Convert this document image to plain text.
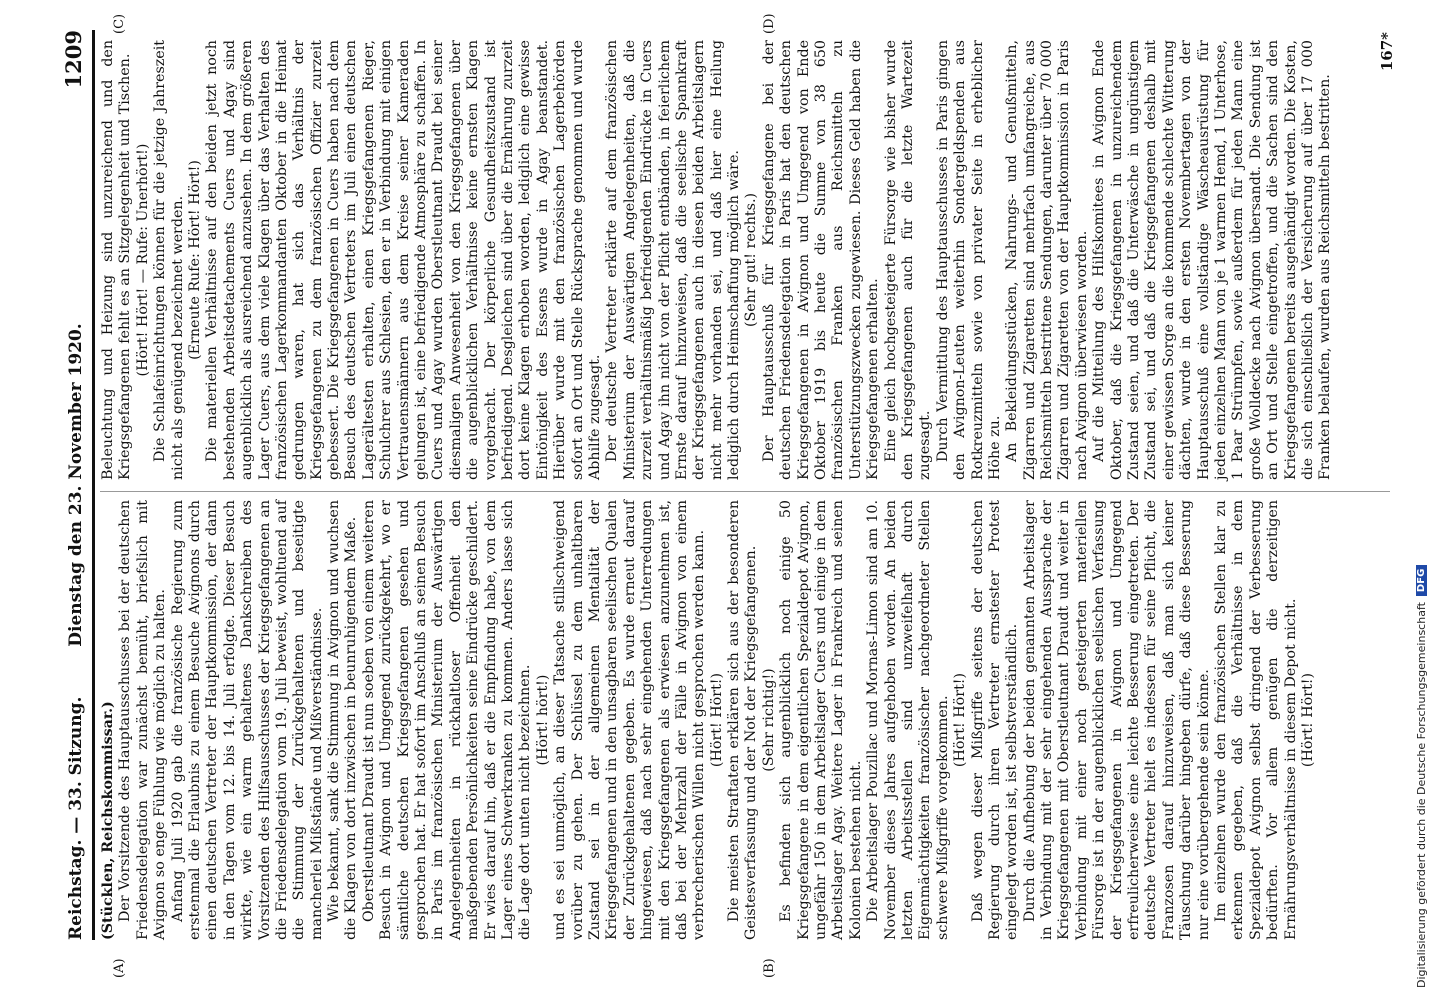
Reichstag. — 33. Sitzung.
Dienstag den 23. November 1920.
1209
(A)	(B)
(C)	(D)

(Stücklen, Reichskommissar.) Der Vorsitzende des Hauptausschusses bei der deutschen Friedensdelegation war zunächst bemüht, briefslich mit Avignon so enge Fühlung wie möglich zu halten. Anfang Juli 1920 gab die französische Regierung zum erstenmal die Erlaubnis zu einem Besuche Avignons durch einen deutschen Vertreter der Hauptkommission, der dann in den Tagen vom 12. bis 14. Juli erfolgte. Dieser Besuch wirkte, wie ein warm gehaltenes Dankschreiben des Vorsitzenden des Hilfsausschusses der Kriegsgefangenen an die Friedensdelegation vom 19. Juli beweist, wohltuend auf die Stimmung der Zurückgehaltenen und beseitigte mancherlei Mißstände und Mißverständnisse. Wie bekannt, sank die Stimmung in Avignon und wuchsen die Klagen von dort inzwischen in beunruhigendem Maße. Oberstleutnant Draudt ist nun soeben von einem weiteren Besuch in Avignon und Umgegend zurückgekehrt, wo er sämtliche deutschen Kriegsgefangenen gesehen und gesprochen hat. Er hat sofort im Anschluß an seinen Besuch in Paris im französischen Ministerium der Auswärtigen Angelegenheiten in rückhaltloser Offenheit den maßgebenden Persönlichkeiten seine Eindrücke geschildert. Er wies darauf hin, daß er die Empfindung habe, von dem Lager eines Schwerkranken zu kommen. Anders lasse sich die Lage dort unten nicht bezeichnen. (Hört! hört!) und es sei unmöglich, an dieser Tatsache stillschweigend vorüber zu gehen. Der Schlüssel zu dem unhaltbaren Zustand sei in der allgemeinen Mentalität der Kriegsgefangenen und in den unsagbaren seelischen Qualen der Zurückgehaltenen gegeben. Es wurde erneut darauf hingewiesen, daß nach sehr eingehenden Unterredungen mit den Kriegsgefangenen als erwiesen anzunehmen ist, daß bei der Mehrzahl der Fälle in Avignon von einem verbrecherischen Willen nicht gesprochen werden kann. (Hört! Hört!) Die meisten Straftaten erklären sich aus der besonderen Geistesverfassung und der Not der Kriegsgefangenen. (Sehr richtig!) Es befinden sich augenblicklich noch einige 50 Kriegsgefangene in dem eigentlichen Spezialdepot Avignon, ungefähr 150 in dem Arbeitslager Cuers und einige in dem Arbeitslager Agay. Weitere Lager in Frankreich und seinen Kolonien bestehen nicht. Die Arbeitslager Pouzillac und Mornas-Limon sind am 10. November dieses Jahres aufgehoben worden. An beiden letzten Arbeitsstellen sind unzweifelhaft durch Eigenmächtigkeiten französischer nachgeordneter Stellen schwere Mißgriffe vorgekommen. (Hört! Hört!) Daß wegen dieser Mißgriffe seitens der deutschen Regierung durch ihren Vertreter ernstester Protest eingelegt worden ist, ist selbstverständlich. Durch die Aufhebung der beiden genannten Arbeitslager in Verbindung mit der sehr eingehenden Aussprache der Kriegsgefangenen mit Oberstleutnant Draudt und weiter in Verbindung mit einer noch gesteigerten materiellen Fürsorge ist in der augenblicklichen seelischen Verfassung der Kriegsgefangenen in Avignon und Umgegend erfreulicherweise eine leichte Besserung eingetreten. Der deutsche Vertreter hielt es indessen für seine Pflicht, die Franzosen darauf hinzuweisen, daß man sich keiner Täuschung darüber hingeben dürfe, daß diese Besserung nur eine vorübergehende sein könne. Im einzelnen wurde den französischen Stellen klar zu erkennen gegeben, daß die Verhältnisse in dem Spezialdepot Avignon selbst dringend der Verbesserung bedürften. Vor allem genügen die derzeitigen Ernährungsverhältnisse in diesem Depot nicht. (Hört! Hört!)

Beleuchtung und Heizung sind unzureichend und den Kriegsgefangenen fehlt es an Sitzgelegenheit und Tischen. (Hört! Hört! — Rufe: Unerhört!) Die Schlafeinrichtungen können für die jetzige Jahreszeit nicht als genügend bezeichnet werden. (Erneute Rufe: Hört! Hört!) Die materiellen Verhältnisse auf den beiden jetzt noch bestehenden Arbeitsdetachements Cuers und Agay sind augenblicklich als ausreichend anzusehen. In dem größeren Lager Cuers, aus dem viele Klagen über das Verhalten des französischen Lagerkommandanten Oktober in die Heimat gedrungen waren, hat sich das Verhältnis der Kriegsgefangenen zu dem französischen Offizier zurzeit gebessert. Die Kriegsgefangenen in Cuers haben nach dem Besuch des deutschen Vertreters im Juli einen deutschen Lagerältesten erhalten, einen Kriegsgefangenen Rieger, Schulchrer aus Schlesien, den er in Verbindung mit einigen Vertrauensmännern aus dem Kreise seiner Kameraden gelungen ist, eine befriedigende Atmosphäre zu schaffen. In Cuers und Agay wurden Oberstleutnant Draudt bei seiner diesmaligen Anwesenheit von den Kriegsgefangenen über die augenblicklichen Verhältnisse keine ernsten Klagen vorgebracht. Der körperliche Gesundheitszustand ist befriedigend. Desgleichen sind über die Ernährung zurzeit dort keine Klagen erhoben worden, lediglich eine gewisse Eintönigkeit des Essens wurde in Agay beanstandet. Hierüber wurde mit den französischen Lagerbehörden sofort an Ort und Stelle Rücksprache genommen und wurde Abhilfe zugesagt. Der deutsche Vertreter erklärte auf dem französischen Ministerium der Auswärtigen Angelegenheiten, daß die zurzeit verhältnismäßig befriedigenden Eindrücke in Cuers und Agay ihn nicht von der Pflicht entbänden, in feierlichem Ernste darauf hinzuweisen, daß die seelische Spannkraft der Kriegsgefangenen auch in diesen beiden Arbeitslagern nicht mehr vorhanden sei, und daß hier eine Heilung lediglich durch Heimschaffung möglich wäre. (Sehr gut! rechts.) Der Hauptausschuß für Kriegsgefangene bei der deutschen Friedensdelegation in Paris hat den deutschen Kriegsgefangenen in Avignon und Umgegend von Ende Oktober 1919 bis heute die Summe von 38 650 französischen Franken aus Reichsmitteln zu Unterstützungszwecken zugewiesen. Dieses Geld haben die Kriegsgefangenen erhalten. Eine gleich hochgesteigerte Fürsorge wie bisher wurde den Kriegsgefangenen auch für die letzte Wartezeit zugesagt. Durch Vermittlung des Hauptausschusses in Paris gingen den Avignon-Leuten weiterhin Sondergeldspenden aus Rotkreuzmitteln sowie von privater Seite in erheblicher Höhe zu. An Bekleidungsstücken, Nahrungs- und Genußmitteln, Zigarren und Zigaretten sind mehrfach umfangreiche, aus Reichsmitteln bestrittene Sendungen, darunter über 70 000 Zigarren und Zigaretten von der Hauptkommission in Paris nach Avignon überwiesen worden. Auf die Mitteilung des Hilfskomitees in Avignon Ende Oktober, daß die Kriegsgefangenen in unzureichendem Zustand seien, und daß die Unterwäsche in ungünstigem Zustand sei, und daß die Kriegsgefangenen deshalb mit einer gewissen Sorge an die kommende schlechte Witterung dächten, wurde in den ersten Novembertagen von der Hauptausschuß eine vollständige Wäscheausrüstung für jeden einzelnen Mann von je 1 warmen Hemd, 1 Unterhose, 1 Paar Strümpfen, sowie außerdem für jeden Mann eine große Wolldecke nach Avignon übersandt. Die Sendung ist an Ort und Stelle eingetroffen, und die Sachen sind den Kriegsgefangenen bereits ausgehändigt worden. Die Kosten, die sich einschließlich der Versicherung auf über 17 000 Franken belaufen, wurden aus Reichsmitteln bestritten.

167*
Digitalisierung gefördert durch die Deutsche Forschungsgemeinschaft
DFG
